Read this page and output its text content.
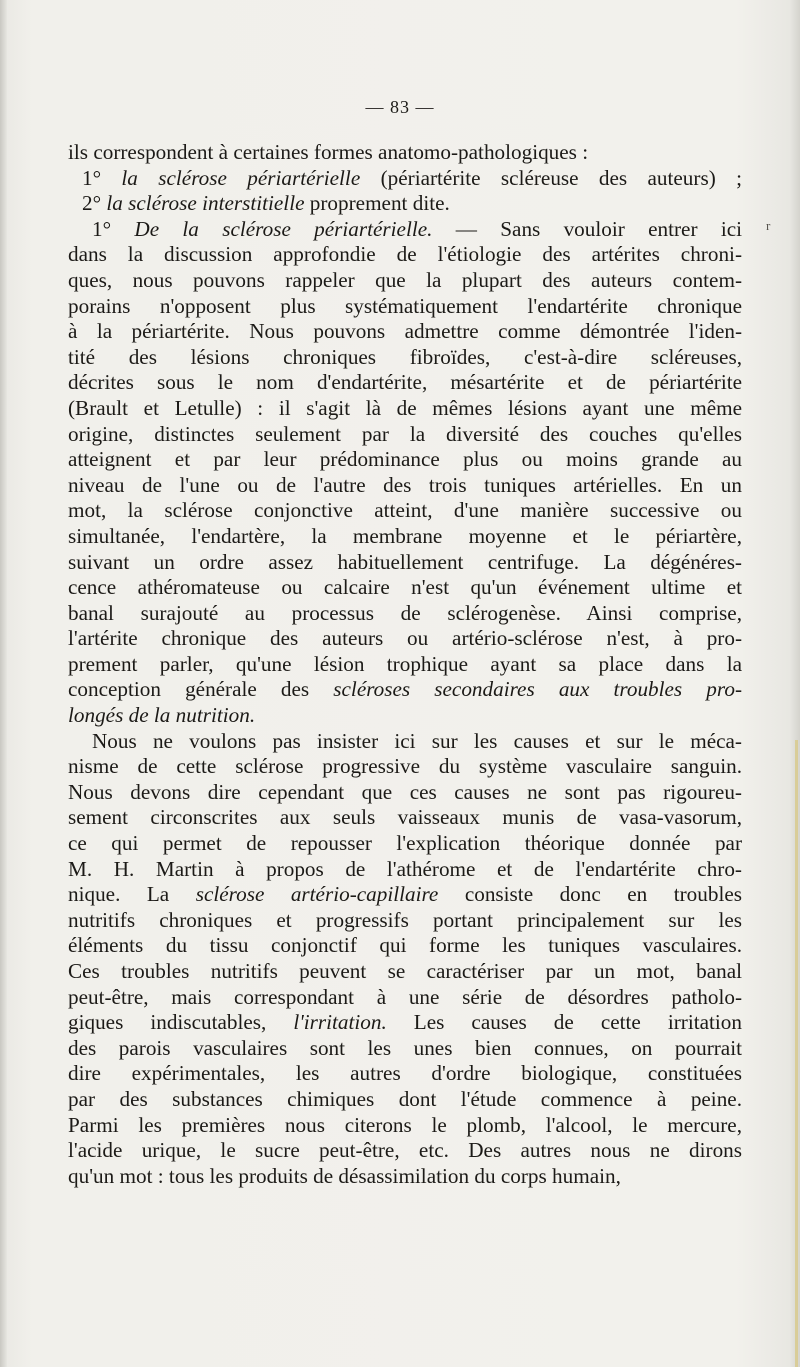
— 83 —
r
ils correspondent à certaines formes anatomo-pathologiques :
1° la sclérose périartérielle (périartérite scléreuse des auteurs) ;
2° la sclérose interstitielle proprement dite.
1° De la sclérose périartérielle. — Sans vouloir entrer ici
dans la discussion approfondie de l'étiologie des artérites chroni-
ques, nous pouvons rappeler que la plupart des auteurs contem-
porains n'opposent plus systématiquement l'endartérite chronique
à la périartérite. Nous pouvons admettre comme démontrée l'iden-
tité des lésions chroniques fibroïdes, c'est-à-dire scléreuses,
décrites sous le nom d'endartérite, mésartérite et de périartérite
(Brault et Letulle) : il s'agit là de mêmes lésions ayant une même
origine, distinctes seulement par la diversité des couches qu'elles
atteignent et par leur prédominance plus ou moins grande au
niveau de l'une ou de l'autre des trois tuniques artérielles. En un
mot, la sclérose conjonctive atteint, d'une manière successive ou
simultanée, l'endartère, la membrane moyenne et le périartère,
suivant un ordre assez habituellement centrifuge. La dégénéres-
cence athéromateuse ou calcaire n'est qu'un événement ultime et
banal surajouté au processus de sclérogenèse. Ainsi comprise,
l'artérite chronique des auteurs ou artério-sclérose n'est, à pro-
prement parler, qu'une lésion trophique ayant sa place dans la
conception générale des scléroses secondaires aux troubles pro-
longés de la nutrition.
Nous ne voulons pas insister ici sur les causes et sur le méca-
nisme de cette sclérose progressive du système vasculaire sanguin.
Nous devons dire cependant que ces causes ne sont pas rigoureu-
sement circonscrites aux seuls vaisseaux munis de vasa-vasorum,
ce qui permet de repousser l'explication théorique donnée par
M. H. Martin à propos de l'athérome et de l'endartérite chro-
nique. La sclérose artério-capillaire consiste donc en troubles
nutritifs chroniques et progressifs portant principalement sur les
éléments du tissu conjonctif qui forme les tuniques vasculaires.
Ces troubles nutritifs peuvent se caractériser par un mot, banal
peut-être, mais correspondant à une série de désordres patholo-
giques indiscutables, l'irritation. Les causes de cette irritation
des parois vasculaires sont les unes bien connues, on pourrait
dire expérimentales, les autres d'ordre biologique, constituées
par des substances chimiques dont l'étude commence à peine.
Parmi les premières nous citerons le plomb, l'alcool, le mercure,
l'acide urique, le sucre peut-être, etc. Des autres nous ne dirons
qu'un mot : tous les produits de désassimilation du corps humain,
